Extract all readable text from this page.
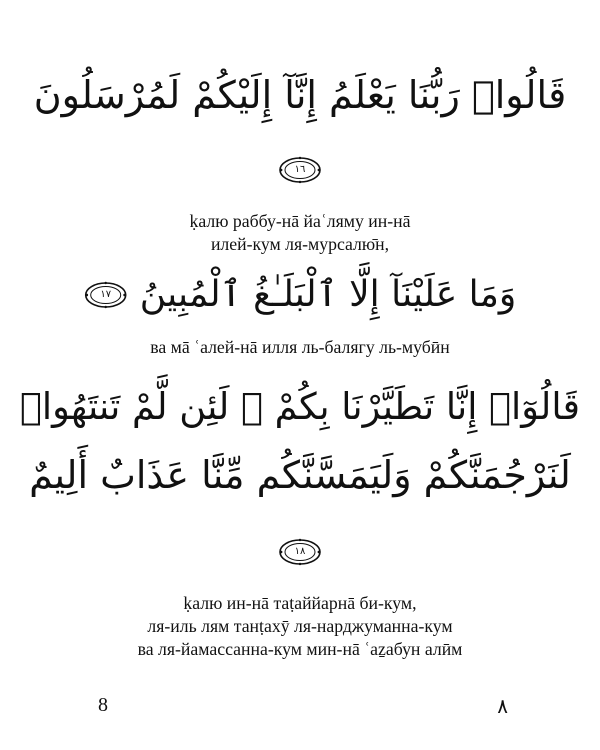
قَالُوا۟ رَبُّنَا يَعْلَمُ إِنَّآ إِلَيْكُمْ لَمُرْسَلُونَ
١٦
ḳалю раббу-нā йаʿляму ин-нā
илей-кум ля-мурсалю̄н,
١٧ وَمَا عَلَيْنَآ إِلَّا ٱلْبَلَـٰغُ ٱلْمُبِينُ
ва мā ʿалей-нā илля ль-балягу ль-мубӣн
قَالُوٓا۟ إِنَّا تَطَيَّرْنَا بِكُمْ ۖ لَئِن لَّمْ تَنتَهُوا۟
لَنَرْجُمَنَّكُمْ وَلَيَمَسَّنَّكُم مِّنَّا عَذَابٌ أَلِيمٌ
١٨
ḳалю ин-нā таṭаййарнā би-кум,
ля-иль лям танṭахӯ ля-нарджуманна-кум
ва ля-йамассанна-кум мин-нā ʿаẕабун алӣм
8	٨
